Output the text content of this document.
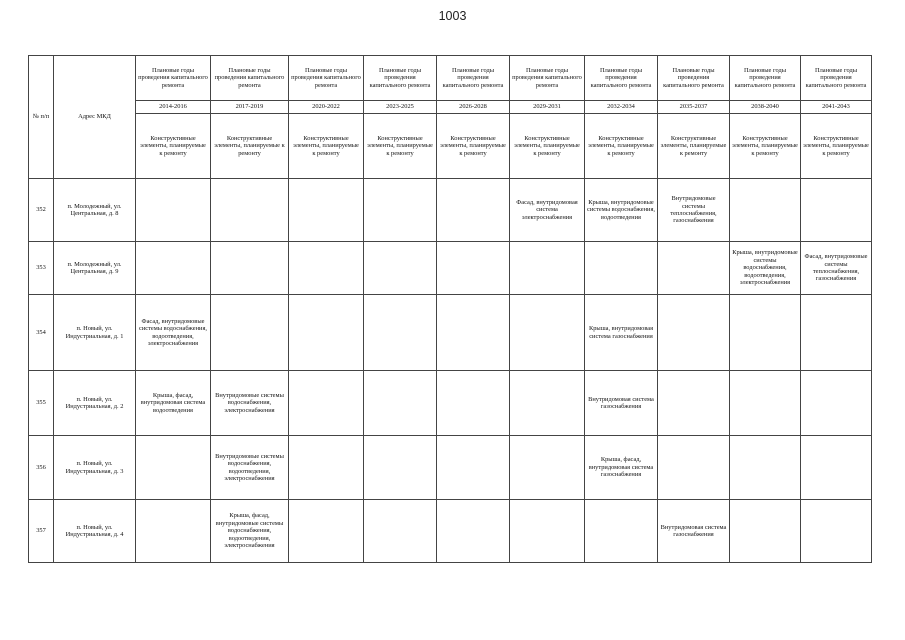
1003
№ п/п	Адрес МКД	Плановые годы проведения капитального ремонта	Плановые годы проведения капитального ремонта	Плановые годы проведения капитального ремонта	Плановые годы проведения капитального ремонта	Плановые годы проведения капитального ремонта	Плановые годы проведения капитального ремонта	Плановые годы проведения капитального ремонта	Плановые годы проведения капитального ремонта	Плановые годы проведения капитального ремонта	Плановые годы проведения капитального ремонта
		2014-2016	2017-2019	2020-2022	2023-2025	2026-2028	2029-2031	2032-2034	2035-2037	2038-2040	2041-2043
		Конструктивные элементы, планируемые к ремонту	Конструктивные элементы, планируемые к ремонту	Конструктивные элементы, планируемые к ремонту	Конструктивные элементы, планируемые к ремонту	Конструктивные элементы, планируемые к ремонту	Конструктивные элементы, планируемые к ремонту	Конструктивные элементы, планируемые к ремонту	Конструктивные элементы, планируемые к ремонту	Конструктивные элементы, планируемые к ремонту	Конструктивные элементы, планируемые к ремонту
352	п. Молодежный, ул. Центральная, д. 8						Фасад, внутридомовая система электроснабжения	Крыша, внутридомовые системы водоснабжения, водоотведения	Внутридомовые системы теплоснабжения, газоснабжения		
353	п. Молодежный, ул. Центральная, д. 9									Крыша, внутридомовые системы водоснабжения, водоотведения, электроснабжения	Фасад, внутридомовые системы теплоснабжения, газоснабжения
354	п. Новый, ул. Индустриальная, д. 1	Фасад, внутридомовые системы водоснабжения, водоотведения, электроснабжения						Крыша, внутридомовая система газоснабжения			
355	п. Новый, ул. Индустриальная, д. 2	Крыша, фасад, внутридомовая система водоотведения	Внутридомовые системы водоснабжения, электроснабжения					Внутридомовая система газоснабжения			
356	п. Новый, ул. Индустриальная, д. 3		Внутридомовые системы водоснабжения, водоотведения, электроснабжения					Крыша, фасад, внутридомовая система газоснабжения			
357	п. Новый, ул. Индустриальная, д. 4		Крыша, фасад, внутридомовые системы водоснабжения, водоотведения, электроснабжения						Внутридомовая система газоснабжения		
